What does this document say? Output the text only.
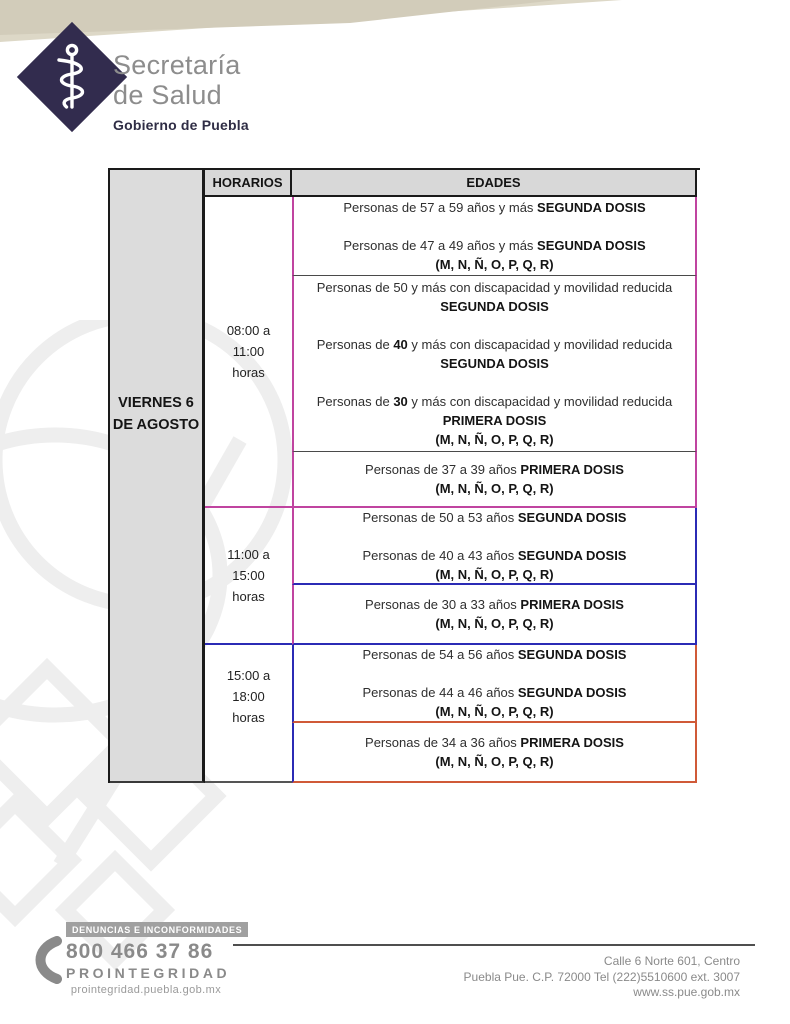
Secretaría
de Salud
Gobierno de Puebla
VIERNES 6
DE AGOSTO
HORARIOS	EDADES
08:00 a
11:00
horas
11:00 a
15:00
horas
15:00 a
18:00
horas
Personas de 57 a 59 años y más SEGUNDA DOSIS
Personas de 47 a 49 años y más SEGUNDA DOSIS
(M, N, Ñ, O, P, Q, R)
Personas de 50 y más con discapacidad y movilidad reducida
SEGUNDA DOSIS
Personas de 40 y más con discapacidad y movilidad reducida
SEGUNDA DOSIS
Personas de 30 y más con discapacidad y movilidad reducida
PRIMERA DOSIS
(M, N, Ñ, O, P, Q, R)
Personas de 37 a 39 años PRIMERA DOSIS
(M, N, Ñ, O, P, Q, R)
Personas de 50 a 53 años SEGUNDA DOSIS
Personas de 40 a 43 años SEGUNDA DOSIS
(M, N, Ñ, O, P, Q, R)
Personas de 30 a 33 años PRIMERA DOSIS
(M, N, Ñ, O, P, Q, R)
Personas de 54 a 56 años SEGUNDA DOSIS
Personas de 44 a 46 años SEGUNDA DOSIS
(M, N, Ñ, O, P, Q, R)
Personas de 34 a 36 años PRIMERA DOSIS
(M, N, Ñ, O, P, Q, R)
DENUNCIAS E INCONFORMIDADES
800 466 37 86
PROINTEGRIDAD
prointegridad.puebla.gob.mx
Calle 6 Norte 601, Centro
Puebla Pue. C.P. 72000 Tel (222)5510600 ext. 3007
www.ss.pue.gob.mx
